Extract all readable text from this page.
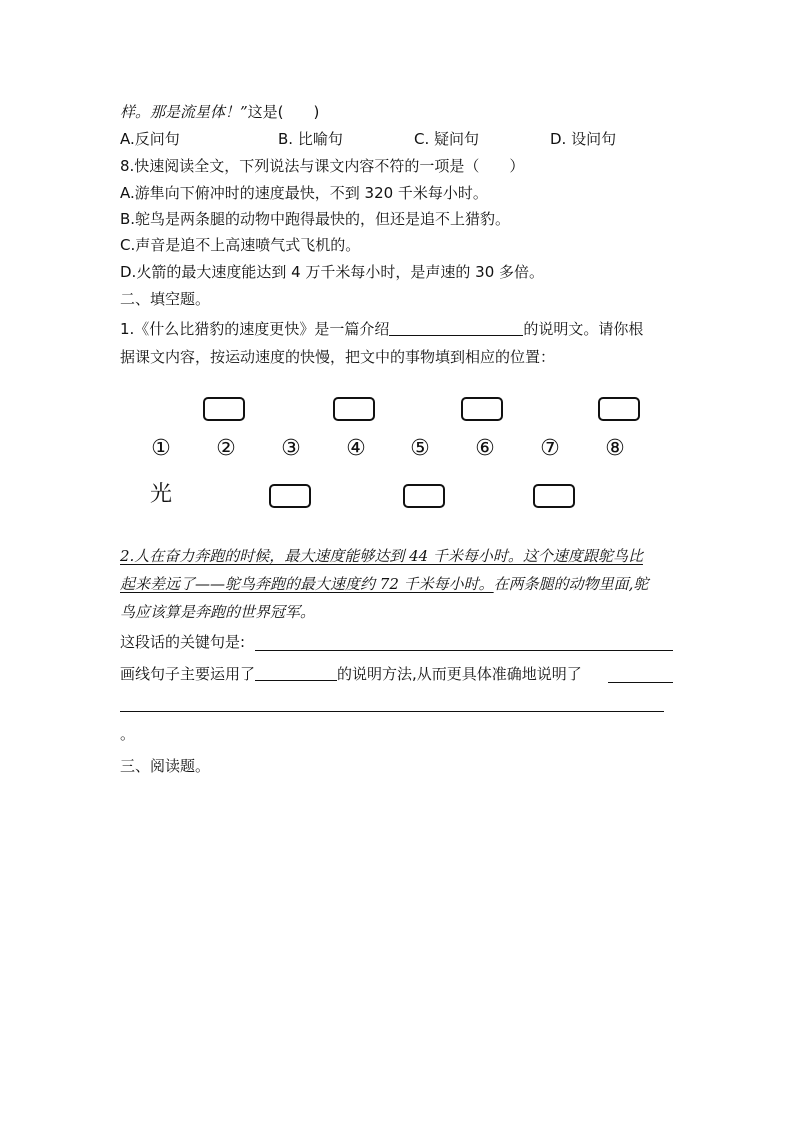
样。那是流星体！”这是(　　)
A.反问句	B. 比喻句	C. 疑问句	D. 设问句
8.快速阅读全文，下列说法与课文内容不符的一项是（　　）
A.游隼向下俯冲时的速度最快，不到 320 千米每小时。
B.鸵鸟是两条腿的动物中跑得最快的，但还是追不上猎豹。
C.声音是追不上高速喷气式飞机的。
D.火箭的最大速度能达到 4 万千米每小时，是声速的 30 多倍。
二、填空题。
1.《什么比猎豹的速度更快》是一篇介绍	的说明文。请你根
据课文内容，按运动速度的快慢，把文中的事物填到相应的位置：
① ② ③ ④ ⑤ ⑥ ⑦ ⑧
光
2.人在奋力奔跑的时候，最大速度能够达到 44 千米每小时。这个速度跟鸵鸟比
起来差远了——鸵鸟奔跑的最大速度约 72 千米每小时。在两条腿的动物里面,鸵
鸟应该算是奔跑的世界冠军。
这段话的关键句是:
画线句子主要运用了	的说明方法,从而更具体准确地说明了
。
三、阅读题。
